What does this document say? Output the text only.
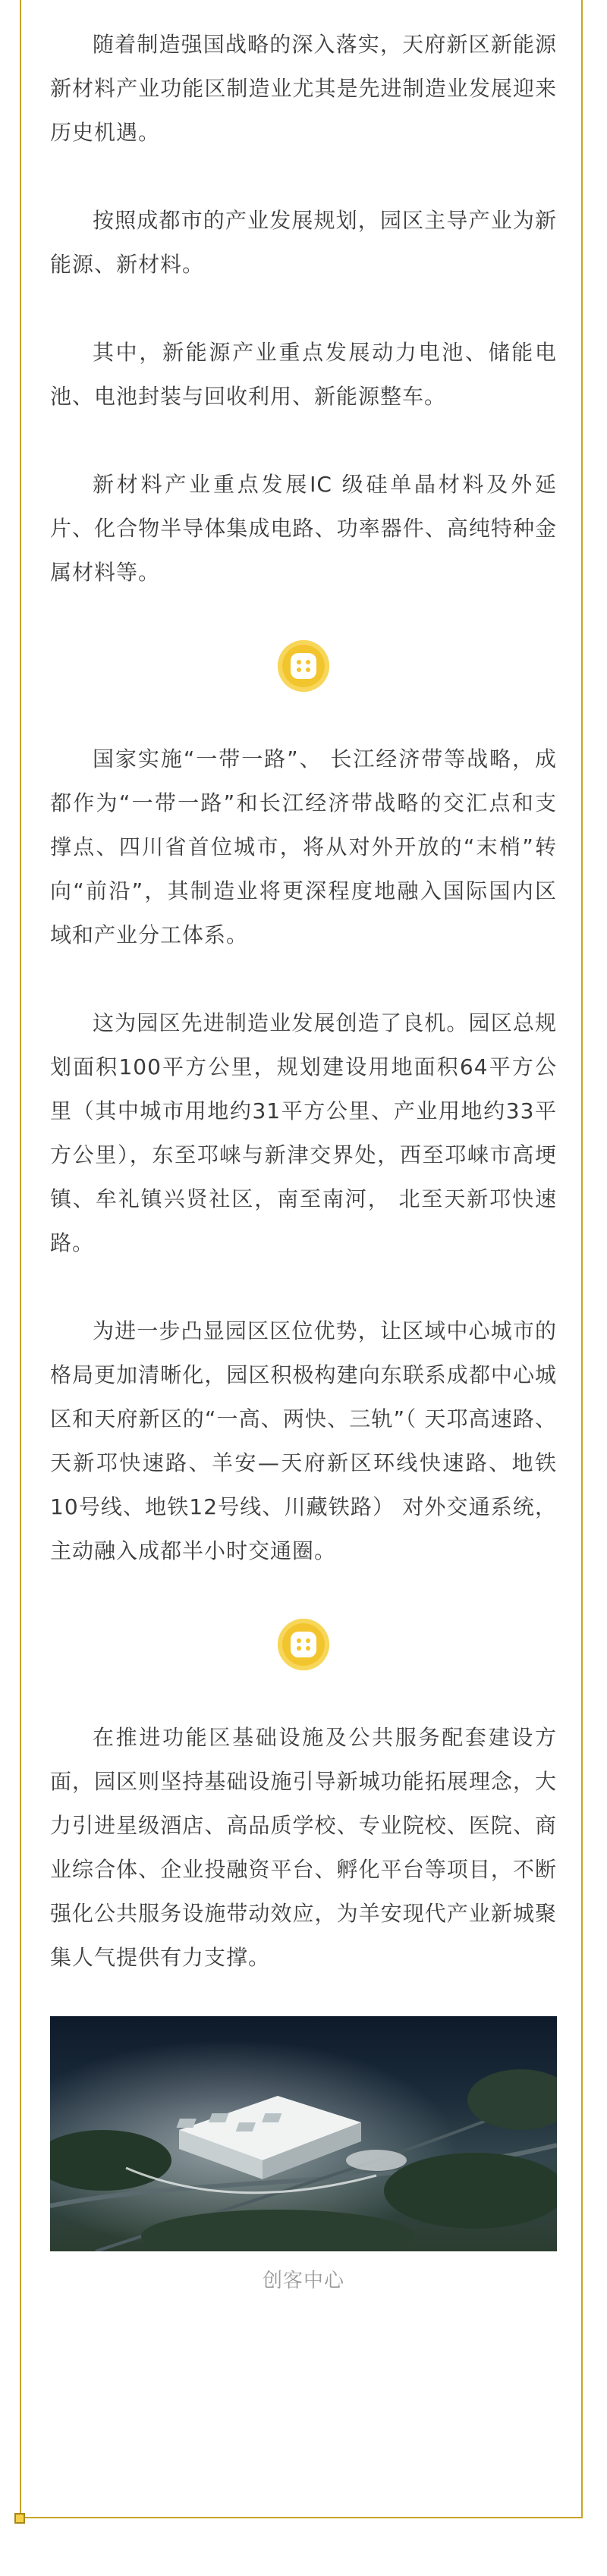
随着制造强国战略的深入落实，天府新区新能源新材料产业功能区制造业尤其是先进制造业发展迎来历史机遇。

按照成都市的产业发展规划，园区主导产业为新能源、新材料。

其中，新能源产业重点发展动力电池、储能电池、电池封装与回收利用、新能源整车。

新材料产业重点发展IC 级硅单晶材料及外延片、化合物半导体集成电路、功率器件、高纯特种金属材料等。

国家实施“一带一路”、 长江经济带等战略，成都作为“一带一路”和长江经济带战略的交汇点和支撑点、四川省首位城市，将从对外开放的“末梢”转向“前沿”，其制造业将更深程度地融入国际国内区域和产业分工体系。

这为园区先进制造业发展创造了良机。园区总规划面积100平方公里，规划建设用地面积64平方公里（其中城市用地约31平方公里、产业用地约33平方公里），东至邛崃与新津交界处，西至邛崃市高埂镇、牟礼镇兴贤社区，南至南河， 北至天新邛快速路。

为进一步凸显园区区位优势，让区域中心城市的格局更加清晰化，园区积极构建向东联系成都中心城区和天府新区的“一高、两快、三轨”（ 天邛高速路、天新邛快速路、羊安—天府新区环线快速路、地铁10号线、地铁12号线、川藏铁路） 对外交通系统，主动融入成都半小时交通圈。

在推进功能区基础设施及公共服务配套建设方面，园区则坚持基础设施引导新城功能拓展理念，大力引进星级酒店、高品质学校、专业院校、医院、商业综合体、企业投融资平台、孵化平台等项目，不断强化公共服务设施带动效应，为羊安现代产业新城聚集人气提供有力支撑。

创客中心
